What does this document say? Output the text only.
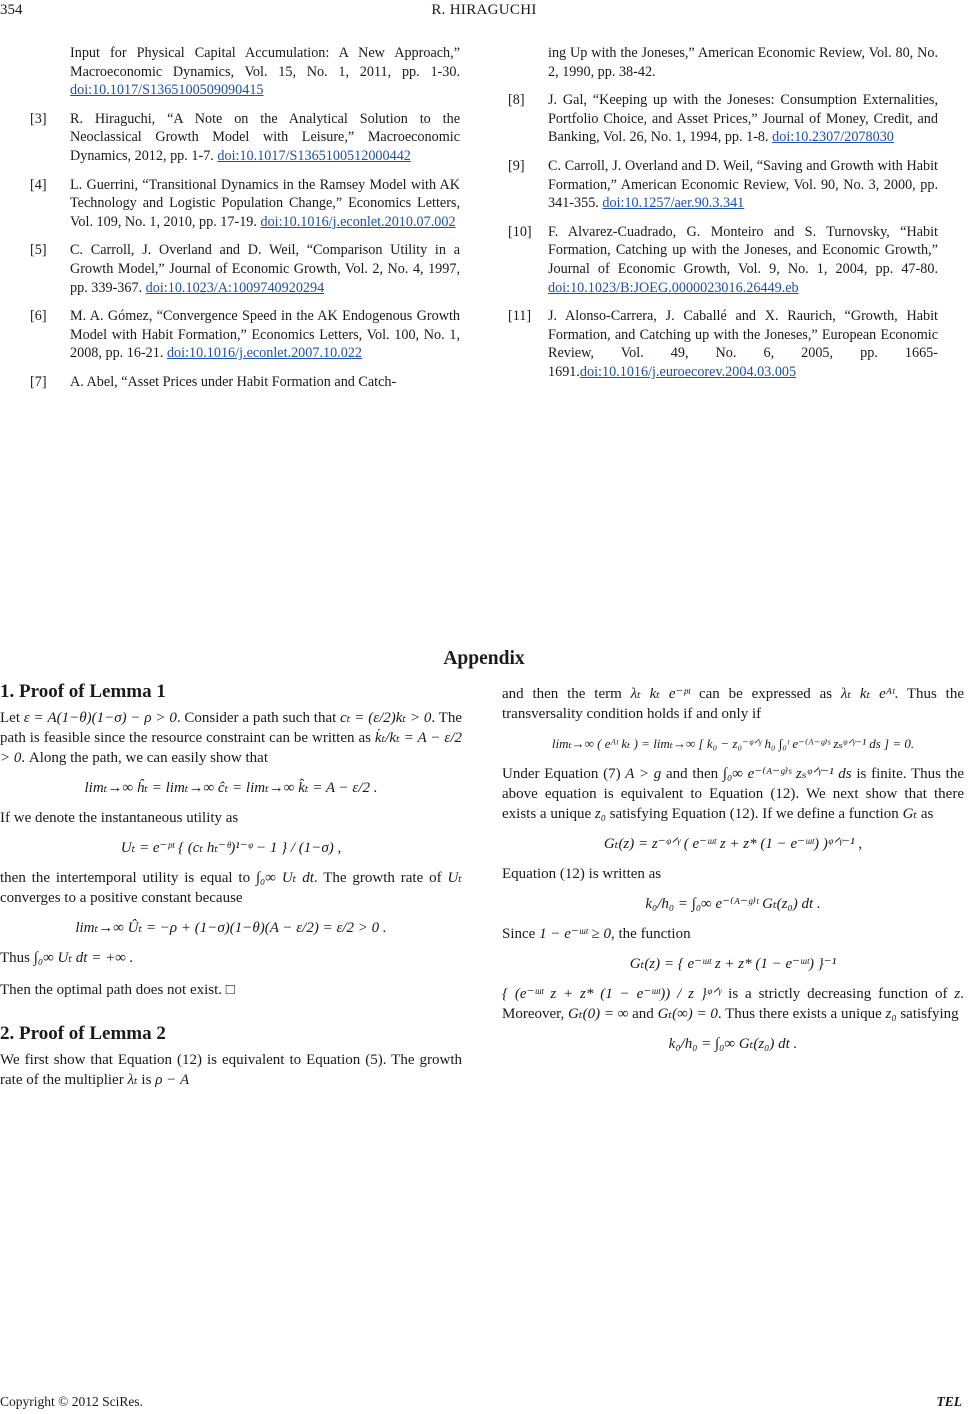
354	R. HIRAGUCHI
Input for Physical Capital Accumulation: A New Approach,” Macroeconomic Dynamics, Vol. 15, No. 1, 2011, pp. 1-30. doi:10.1017/S1365100509090415
[3] R. Hiraguchi, “A Note on the Analytical Solution to the Neoclassical Growth Model with Leisure,” Macroeconomic Dynamics, 2012, pp. 1-7. doi:10.1017/S1365100512000442
[4] L. Guerrini, “Transitional Dynamics in the Ramsey Model with AK Technology and Logistic Population Change,” Economics Letters, Vol. 109, No. 1, 2010, pp. 17-19. doi:10.1016/j.econlet.2010.07.002
[5] C. Carroll, J. Overland and D. Weil, “Comparison Utility in a Growth Model,” Journal of Economic Growth, Vol. 2, No. 4, 1997, pp. 339-367. doi:10.1023/A:1009740920294
[6] M. A. Gómez, “Convergence Speed in the AK Endogenous Growth Model with Habit Formation,” Economics Letters, Vol. 100, No. 1, 2008, pp. 16-21. doi:10.1016/j.econlet.2007.10.022
[7] A. Abel, “Asset Prices under Habit Formation and Catch-
ing Up with the Joneses,” American Economic Review, Vol. 80, No. 2, 1990, pp. 38-42.
[8] J. Gal, “Keeping up with the Joneses: Consumption Externalities, Portfolio Choice, and Asset Prices,” Journal of Money, Credit, and Banking, Vol. 26, No. 1, 1994, pp. 1-8. doi:10.2307/2078030
[9] C. Carroll, J. Overland and D. Weil, “Saving and Growth with Habit Formation,” American Economic Review, Vol. 90, No. 3, 2000, pp. 341-355. doi:10.1257/aer.90.3.341
[10] F. Alvarez-Cuadrado, G. Monteiro and S. Turnovsky, “Habit Formation, Catching up with the Joneses, and Economic Growth,” Journal of Economic Growth, Vol. 9, No. 1, 2004, pp. 47-80. doi:10.1023/B:JOEG.0000023016.26449.eb
[11] J. Alonso-Carrera, J. Caballé and X. Raurich, “Growth, Habit Formation, and Catching up with the Joneses,” European Economic Review, Vol. 49, No. 6, 2005, pp. 1665-1691.doi:10.1016/j.euroecorev.2004.03.005
Appendix
1. Proof of Lemma 1

Let ε = A(1−θ)(1−σ) − ρ > 0. Consider a path such that cₜ = (ε/2)kₜ > 0. The path is feasible since the resource constraint can be written as k̇ₜ/kₜ = A − ε/2 > 0. Along the path, we can easily show that

limₜ→∞ ĥₜ = limₜ→∞ ĉₜ = limₜ→∞ k̂ₜ = A − ε/2 .

If we denote the instantaneous utility as

Uₜ = e⁻ᵖᵗ { (cₜ hₜ⁻ᶿ)¹⁻ᵠ − 1 } / (1−σ) ,

then the intertemporal utility is equal to ∫₀∞ Uₜ dt. The growth rate of Uₜ converges to a positive constant because

limₜ→∞ Ûₜ = −ρ + (1−σ)(1−θ)(A − ε/2) = ε/2 > 0 .

Thus ∫₀∞ Uₜ dt = +∞ .

Then the optimal path does not exist. □

2. Proof of Lemma 2

We first show that Equation (12) is equivalent to Equation (5). The growth rate of the multiplier λₜ is ρ − A

and then the term λₜ kₜ e⁻ᵖᵗ can be expressed as λₜ kₜ eᴬᵗ. Thus the transversality condition holds if and only if

limₜ→∞ ( eᴬᵗ kₜ ) = limₜ→∞ [ k₀ − z₀⁻ᵠᐟᵞ h₀ ∫₀ᵗ e⁻⁽ᴬ⁻ᵍ⁾ˢ zₛᵠᐟᵞ⁻¹ ds ] = 0.

Under Equation (7) A > g and then ∫₀∞ e⁻⁽ᴬ⁻ᵍ⁾ˢ zₛᵠᐟᵞ⁻¹ ds is finite. Thus the above equation is equivalent to Equation (12). We next show that there exists a unique z₀ satisfying Equation (12). If we define a function Gₜ as

Gₜ(z) = z⁻ᵠᐟᵞ ( e⁻ᵚᵗ z + z* (1 − e⁻ᵚᵗ) )ᵠᐟᵞ⁻¹ ,

Equation (12) is written as

k₀/h₀ = ∫₀∞ e⁻⁽ᴬ⁻ᵍ⁾ᵗ Gₜ(z₀) dt .

Since 1 − e⁻ᵚᵗ ≥ 0, the function

Gₜ(z) = { e⁻ᵚᵗ z + z* (1 − e⁻ᵚᵗ) }⁻¹

{ (e⁻ᵚᵗ z + z* (1 − e⁻ᵚᵗ)) / z }ᵠᐟᵞ is a strictly decreasing function of z. Moreover, Gₜ(0) = ∞ and Gₜ(∞) = 0. Thus there exists a unique z₀ satisfying

k₀/h₀ = ∫₀∞ Gₜ(z₀) dt .
Copyright © 2012 SciRes.	TEL
